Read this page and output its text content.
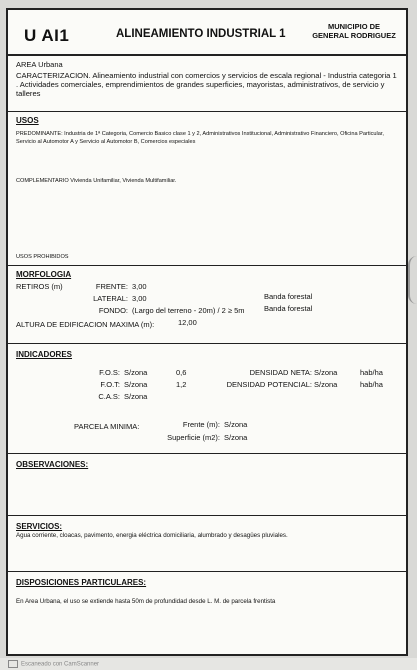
U AI1	ALINEAMIENTO INDUSTRIAL 1
MUNICIPIO DE
GENERAL RODRIGUEZ
AREA Urbana
CARACTERIZACION. Alineamiento industrial con comercios y servicios de escala regional - Industria categoria 1 . Actividades comerciales, emprendimientos de grandes superficies, mayoristas, administrativos, de servicio y talleres
USOS
PREDOMINANTE: Industria de 1ª Categoria, Comercio Basico clase 1 y 2, Administrativos Institucional, Administrativo Financiero, Oficina Particular, Servicio al Automotor A y Servicio al Automotor B, Comercios especiales
COMPLEMENTARIO Vivienda Unifamiliar, Vivienda Multifamiliar.
USOS PROHIBIDOS
MORFOLOGIA
RETIROS (m)	FRENTE: 3,00
LATERAL: 3,00	Banda forestal
FONDO: (Largo del terreno - 20m) / 2 ≥ 5m	Banda forestal
ALTURA DE EDIFICACION MAXIMA (m):	12,00
INDICADORES
F.O.S: S/zona	0,6
F.O.T: S/zona	1,2
C.A.S: S/zona
DENSIDAD NETA: S/zona	hab/ha
DENSIDAD POTENCIAL: S/zona	hab/ha
PARCELA MINIMA:	Frente (m): S/zona
Superficie (m2): S/zona
OBSERVACIONES:
SERVICIOS:
Agua corriente, cloacas, pavimento, energia eléctrica domiciliaria, alumbrado y desagües pluviales.
DISPOSICIONES PARTICULARES:
En Area Urbana, el uso se extiende hasta 50m de profundidad desde L. M. de parcela frentista
Escaneado con CamScanner
